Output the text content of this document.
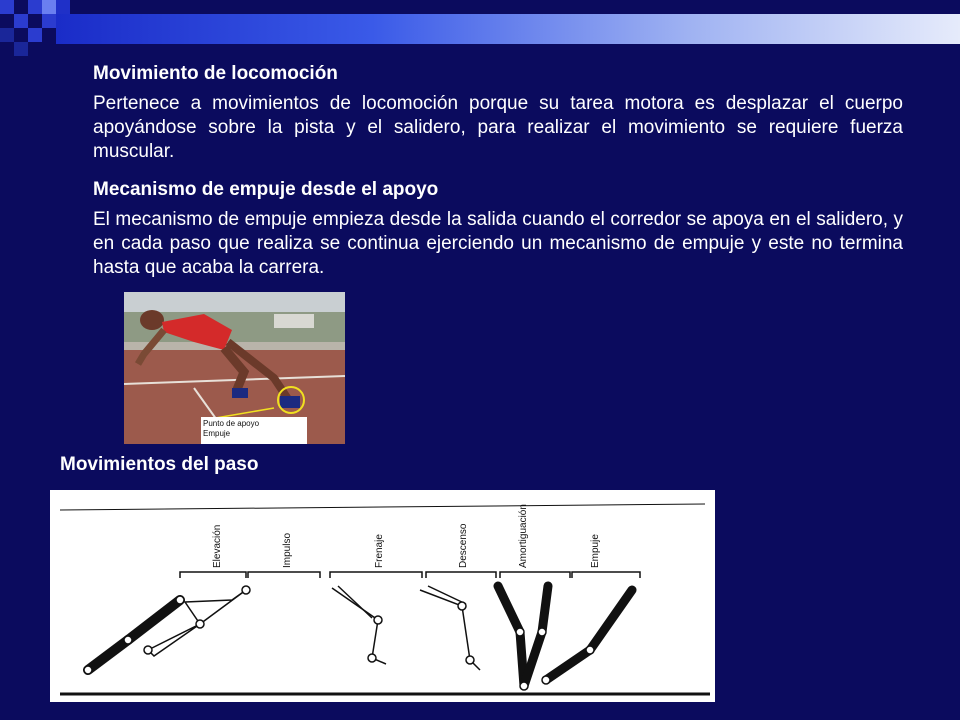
Movimiento de locomoción

Pertenece a movimientos de locomoción porque su tarea motora es desplazar el cuerpo apoyándose sobre la pista y el salidero, para realizar el movimiento se requiere fuerza muscular.

Mecanismo de empuje desde el apoyo

El mecanismo de empuje empieza desde la salida cuando el corredor se apoya en el salidero, y en cada paso que realiza se continua ejerciendo un mecanismo de empuje y este no termina hasta que acaba la carrera.

Movimientos del paso

Punto de apoyo
Empuje
Elevación	Impulso	Frenaje	Descenso	Amortiguación	Empuje
